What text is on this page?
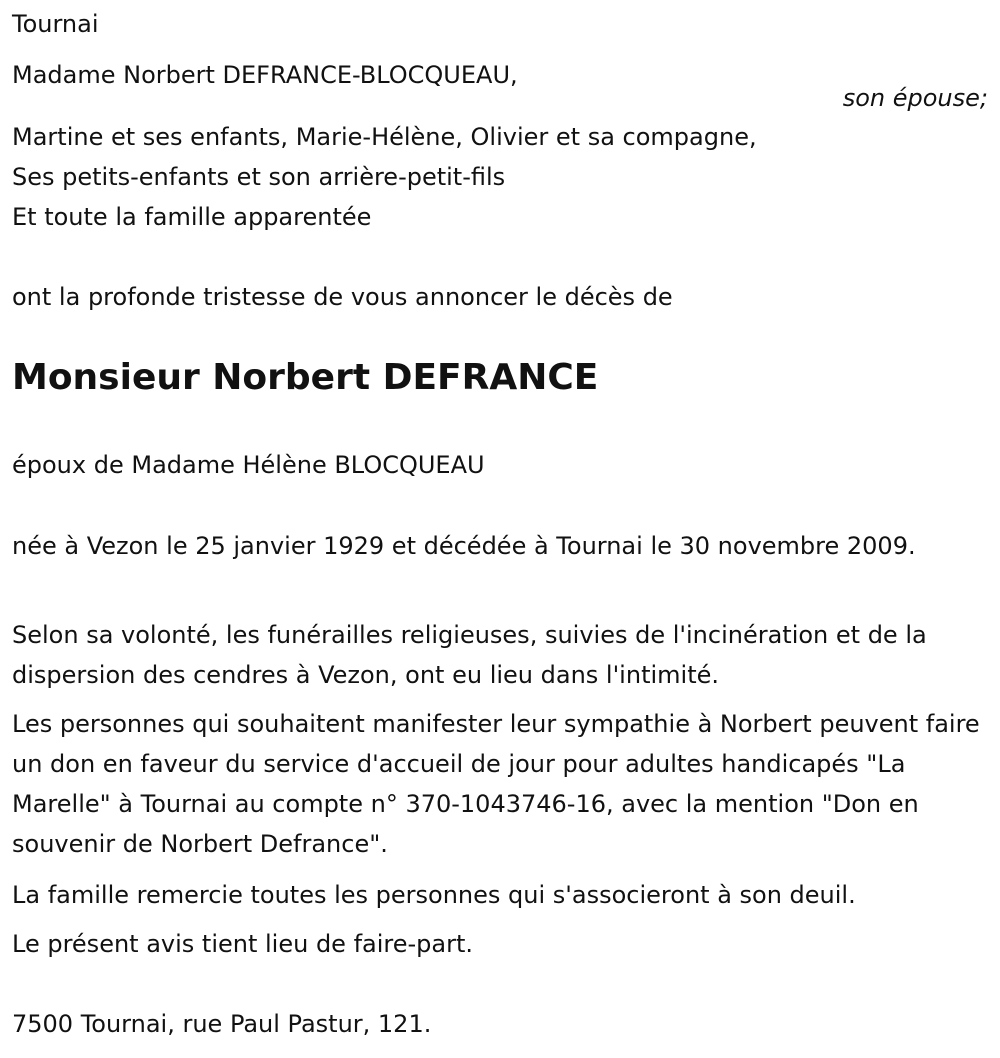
Tournai

Madame Norbert DEFRANCE-BLOCQUEAU,

son épouse;

Martine et ses enfants, Marie-Hélène, Olivier et sa compagne,

Ses petits-enfants et son arrière-petit-fils

Et toute la famille apparentée

ont la profonde tristesse de vous annoncer le décès de

Monsieur Norbert DEFRANCE

époux de Madame Hélène BLOCQUEAU

née à Vezon le 25 janvier 1929 et décédée à Tournai le 30 novembre 2009.

Selon sa volonté, les funérailles religieuses, suivies de l'incinération et de la dispersion des cendres à Vezon, ont eu lieu dans l'intimité.

Les personnes qui souhaitent manifester leur sympathie à Norbert peuvent faire un don en faveur du service d'accueil de jour pour adultes handicapés "La Marelle" à Tournai au compte n° 370-1043746-16, avec la mention "Don en souvenir de Norbert Defrance".

La famille remercie toutes les personnes qui s'associeront à son deuil.

Le présent avis tient lieu de faire-part.

7500 Tournai, rue Paul Pastur, 121.
